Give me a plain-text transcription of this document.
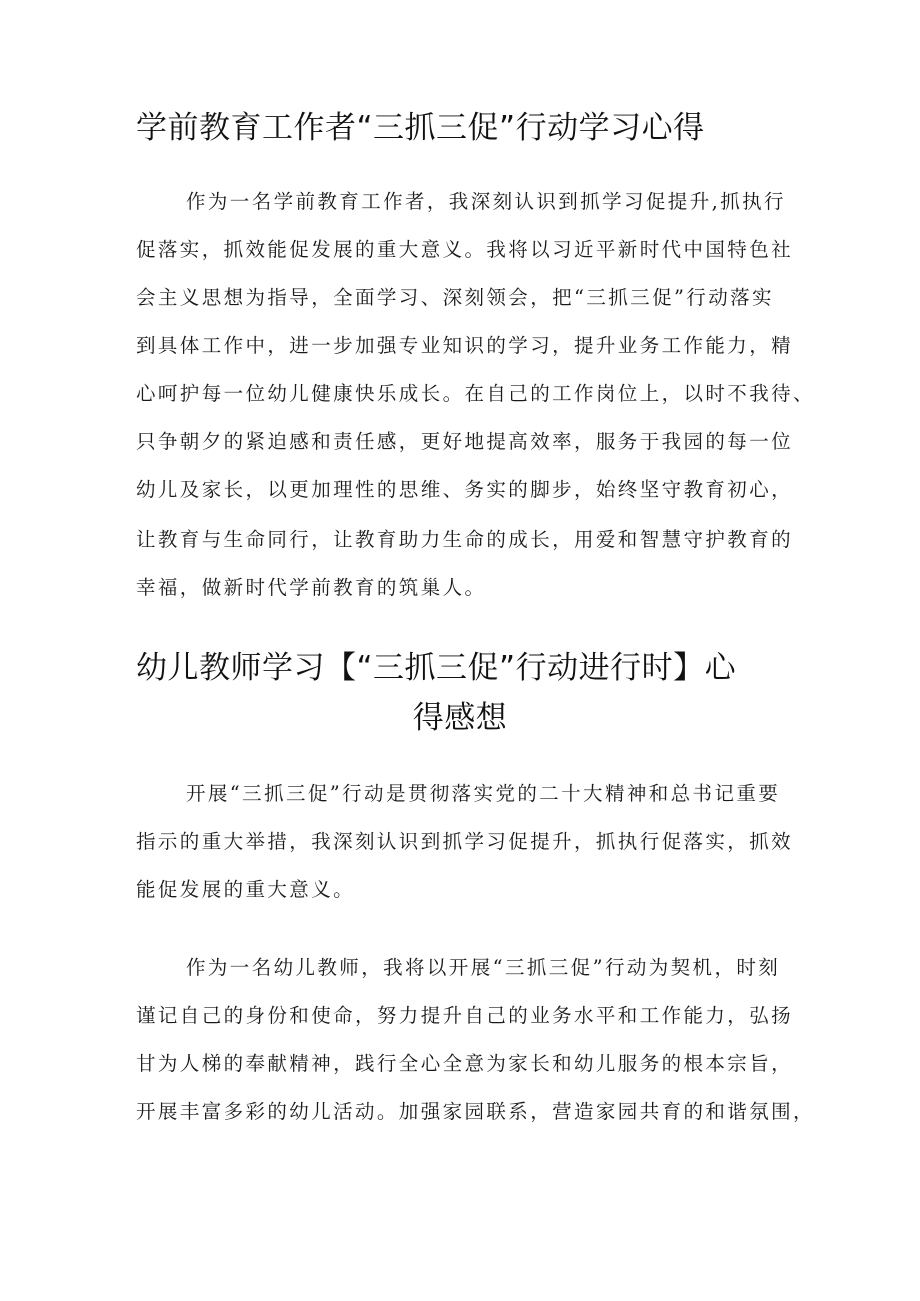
学前教育工作者“三抓三促”行动学习心得

作为一名学前教育工作者，我深刻认识到抓学习促提升,抓执行

促落实，抓效能促发展的重大意义。我将以习近平新时代中国特色社

会主义思想为指导，全面学习、深刻领会，把“三抓三促”行动落实

到具体工作中，进一步加强专业知识的学习，提升业务工作能力，精

心呵护每一位幼儿健康快乐成长。在自己的工作岗位上，以时不我待、

只争朝夕的紧迫感和责任感，更好地提高效率，服务于我园的每一位

幼儿及家长，以更加理性的思维、务实的脚步，始终坚守教育初心，

让教育与生命同行，让教育助力生命的成长，用爱和智慧守护教育的

幸福，做新时代学前教育的筑巢人。

幼儿教师学习【“三抓三促”行动进行时】心
得感想

开展“三抓三促”行动是贯彻落实党的二十大精神和总书记重要

指示的重大举措，我深刻认识到抓学习促提升，抓执行促落实，抓效

能促发展的重大意义。

作为一名幼儿教师，我将以开展“三抓三促”行动为契机，时刻

谨记自己的身份和使命，努力提升自己的业务水平和工作能力，弘扬

甘为人梯的奉献精神，践行全心全意为家长和幼儿服务的根本宗旨，

开展丰富多彩的幼儿活动。加强家园联系，营造家园共育的和谐氛围，
